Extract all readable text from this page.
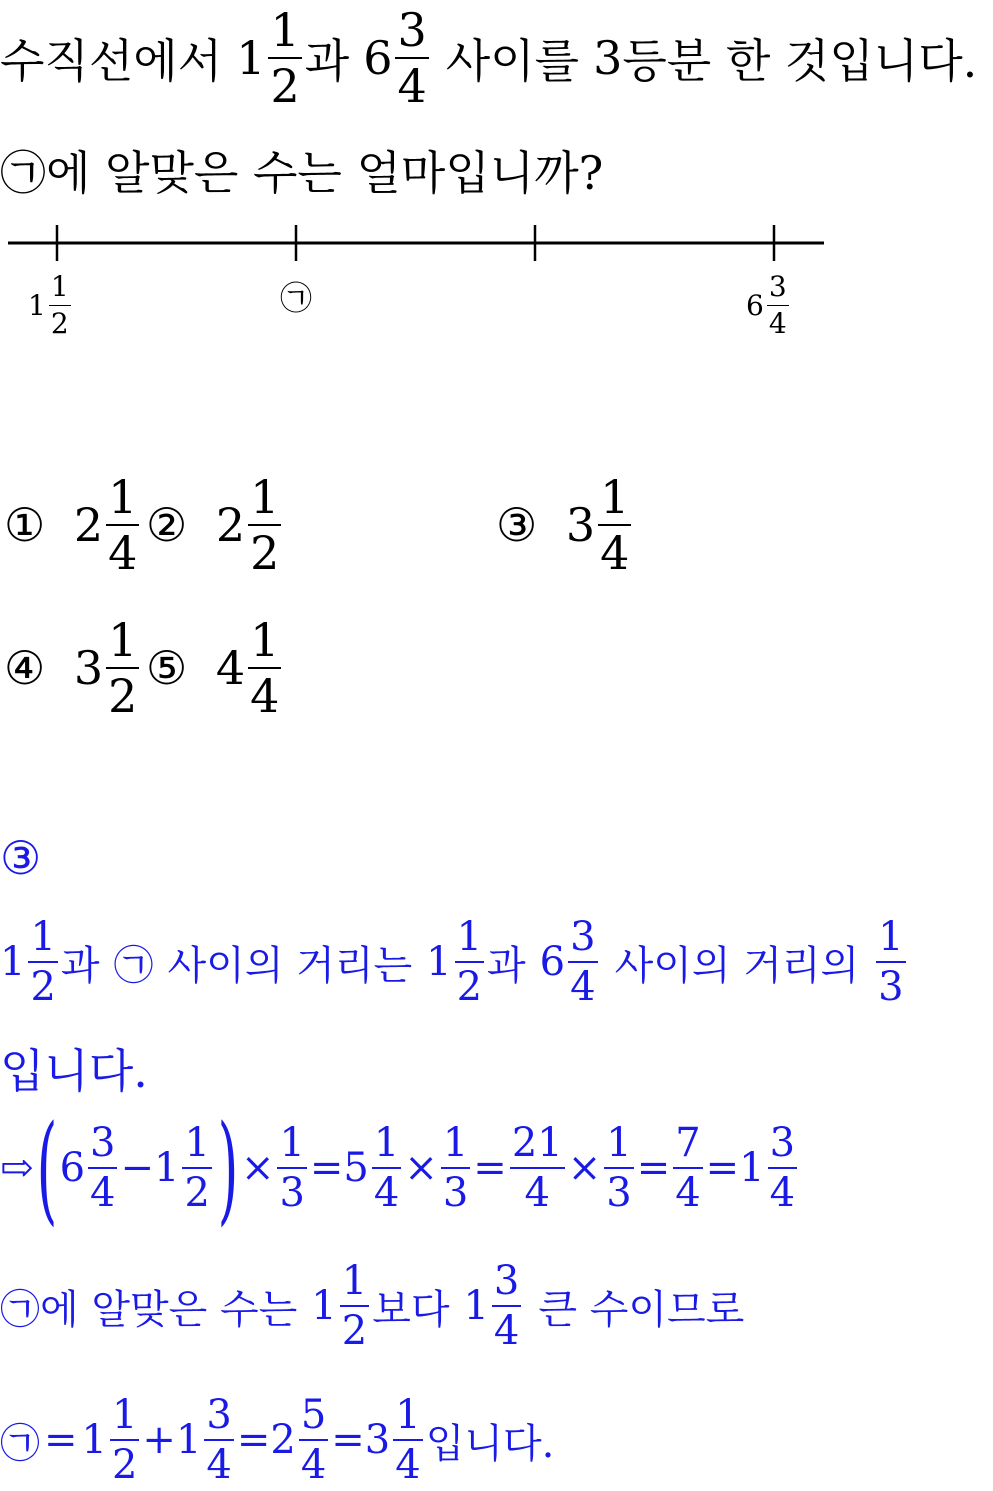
수직선에서 $1 \frac{1}{2}$ 과 $6 \frac{3}{4}$ 사이를 3 등분 한 것입니다.
㉠에 알맞은 수는 얼마입니까?
$1 \frac{1}{2}$	㉠	$6 \frac{3}{4}$
① $2 \frac{1}{4}$ ② $2 \frac{1}{2}$	③ $3 \frac{1}{4}$
④ $3 \frac{1}{2}$ ⑤ $4 \frac{1}{4}$
③
$1 \frac{1}{2}$ 과 ㉠ 사이의 거리는 $1 \frac{1}{2}$ 과 $6 \frac{3}{4}$ 사이의 거리의 $\frac{1}{3}$
입니다.
⇨ ( $6 \frac{3}{4} - 1 \frac{1}{2}$ ) × $\frac{1}{3} = 5 \frac{1}{4} \times \frac{1}{3} = \frac{21}{4} \times \frac{1}{3} = \frac{7}{4} = 1 \frac{3}{4}$
㉠에 알맞은 수는 $1 \frac{1}{2}$ 보다 $1 \frac{3}{4}$ 큰 수이므로
㉠ = $1 \frac{1}{2} + 1 \frac{3}{4} = 2 \frac{5}{4} = 3 \frac{1}{4}$ 입니다.
